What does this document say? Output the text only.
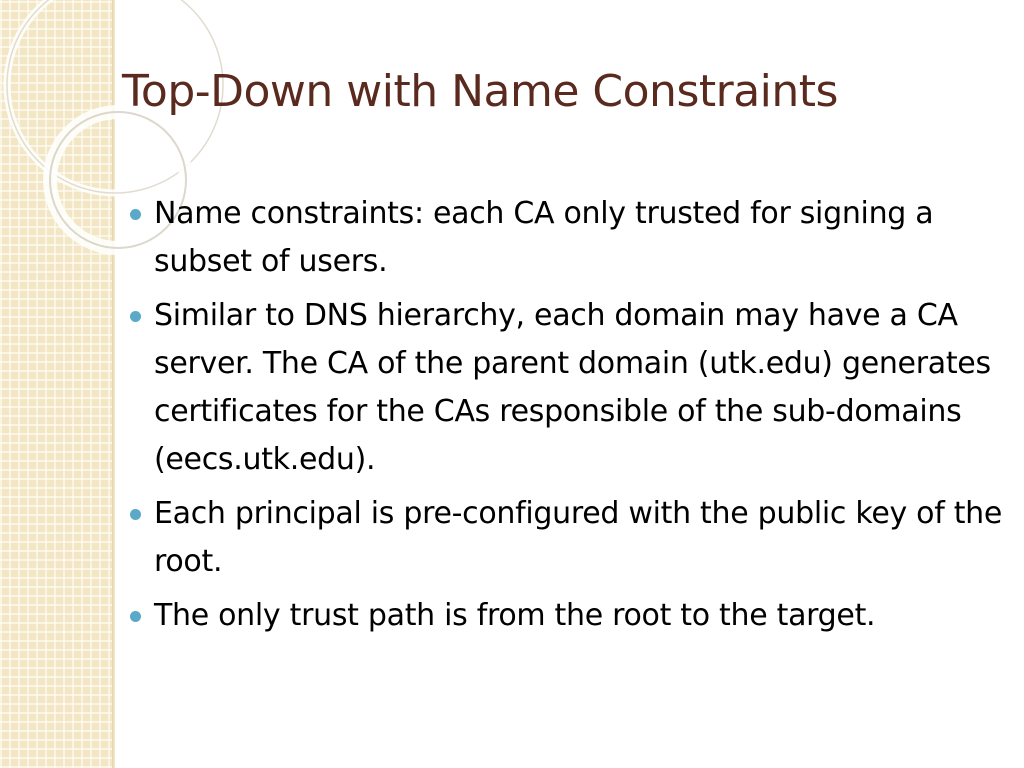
Top-Down with Name Constraints
Name constraints: each CA only trusted for signing a subset of users.
Similar to DNS hierarchy, each domain may have a CA server. The CA of the parent domain (utk.edu) generates certificates for the CAs responsible of the sub-domains (eecs.utk.edu).
Each principal is pre-configured with the public key of the root.
The only trust path is from the root to the target.
